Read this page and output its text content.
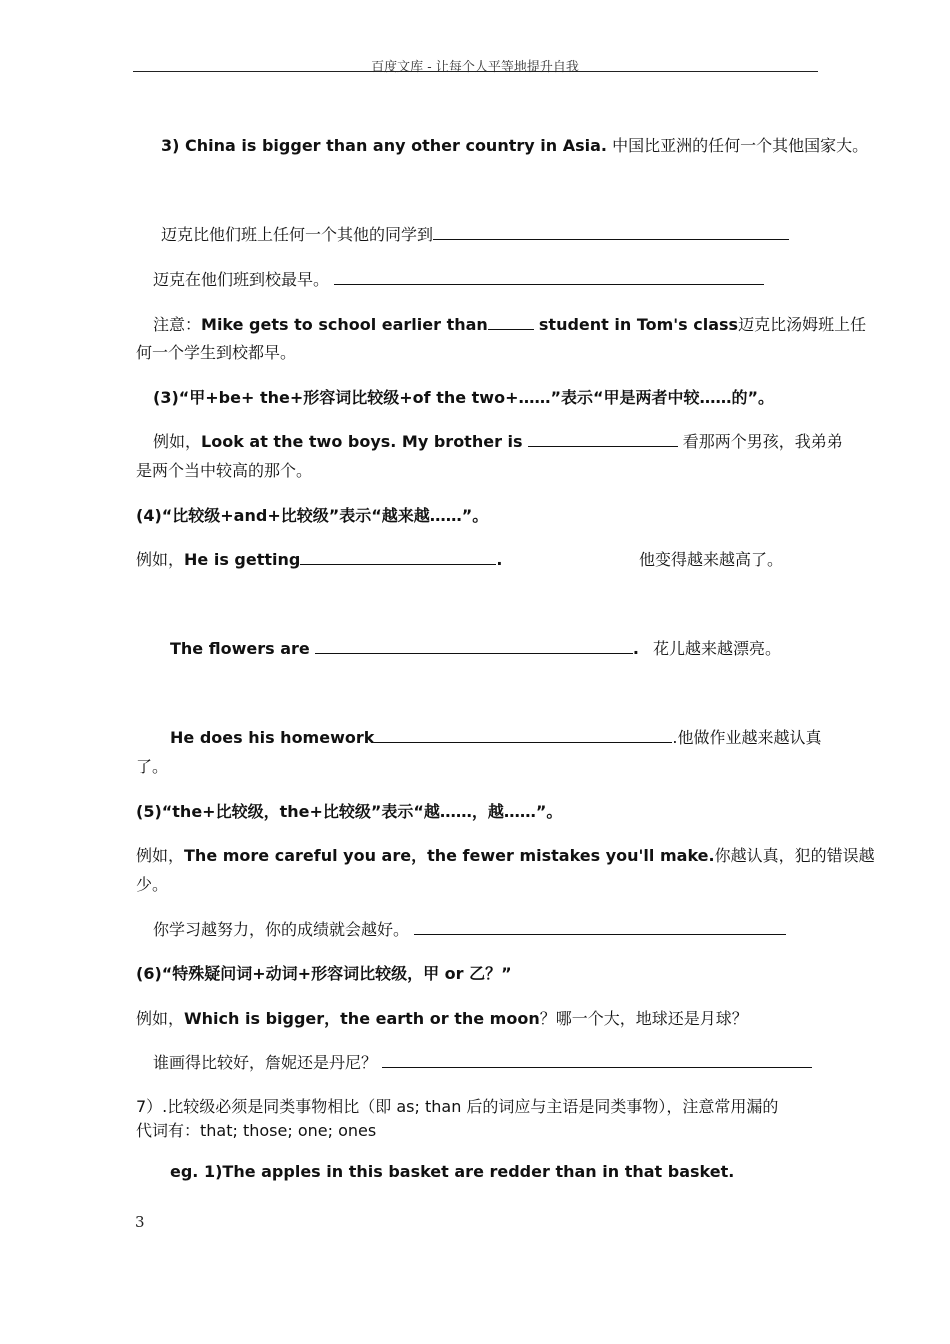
百度文库 - 让每个人平等地提升自我
3) China is bigger than any other country in Asia. 中国比亚洲的任何一个其他国家大。
迈克比他们班上任何一个其他的同学到
迈克在他们班到校最早。
注意：Mike gets to school earlier than	student in Tom's class迈克比汤姆班上任
何一个学生到校都早。
(3)“甲+be+ the+形容词比较级+of the two+……”表示“甲是两者中较……的”。
例如，Look at the two boys. My brother is	看那两个男孩，我弟弟
是两个当中较高的那个。
(4)“比较级+and+比较级”表示“越来越……”。
例如，He is getting	.	他变得越来越高了。
The flowers are	. 花儿越来越漂亮。
He does his homework	.他做作业越来越认真
了。
(5)“the+比较级，the+比较级”表示“越……，越……”。
例如，The more careful you are，the fewer mistakes you'll make.你越认真，犯的错误越
少。
你学习越努力，你的成绩就会越好。
(6)“特殊疑问词+动词+形容词比较级，甲 or 乙？”
例如，Which is bigger，the earth or the moon？哪一个大，地球还是月球？
谁画得比较好，詹妮还是丹尼？
7）.比较级必须是同类事物相比（即 as; than 后的词应与主语是同类事物），注意常用漏的
代词有：that; those; one; ones
eg. 1)The apples in this basket are redder than in that basket.
3
